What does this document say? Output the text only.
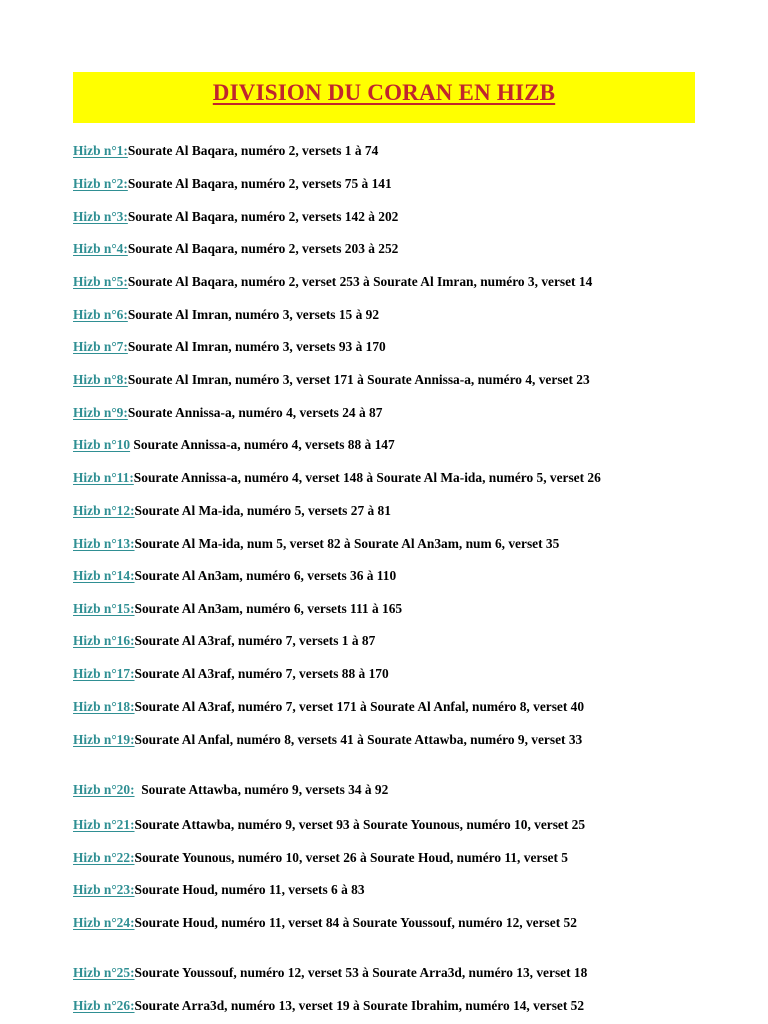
DIVISION DU CORAN EN HIZB
Hizb n°1:Sourate Al Baqara, numéro 2, versets 1 à 74
Hizb n°2:Sourate Al Baqara, numéro 2, versets 75 à 141
Hizb n°3:Sourate Al Baqara, numéro 2, versets 142 à 202
Hizb n°4:Sourate Al Baqara, numéro 2, versets 203 à 252
Hizb n°5:Sourate Al Baqara, numéro 2, verset 253 à Sourate Al Imran, numéro 3, verset 14
Hizb n°6:Sourate Al Imran, numéro 3, versets 15 à 92
Hizb n°7:Sourate Al Imran, numéro 3, versets 93 à 170
Hizb n°8:Sourate Al Imran, numéro 3, verset 171 à Sourate Annissa-a, numéro 4, verset 23
Hizb n°9:Sourate Annissa-a, numéro 4, versets 24 à 87
Hizb n°10 Sourate Annissa-a, numéro 4, versets 88 à 147
Hizb n°11:Sourate Annissa-a, numéro 4, verset 148 à Sourate Al Ma-ida, numéro 5, verset 26
Hizb n°12:Sourate Al Ma-ida, numéro 5, versets 27 à 81
Hizb n°13:Sourate Al Ma-ida, num 5, verset 82 à Sourate Al An3am, num 6, verset 35
Hizb n°14:Sourate Al An3am, numéro 6, versets 36 à 110
Hizb n°15:Sourate Al An3am, numéro 6, versets 111 à 165
Hizb n°16:Sourate Al A3raf, numéro 7, versets 1 à 87
Hizb n°17:Sourate Al A3raf, numéro 7, versets 88 à 170
Hizb n°18:Sourate Al A3raf, numéro 7, verset 171 à Sourate Al Anfal, numéro 8, verset 40
Hizb n°19:Sourate Al Anfal, numéro 8, versets 41 à Sourate Attawba, numéro 9, verset 33
Hizb n°20:  Sourate Attawba, numéro 9, versets 34 à 92
Hizb n°21:Sourate Attawba, numéro 9, verset 93 à Sourate Younous, numéro 10, verset 25
Hizb n°22:Sourate Younous, numéro 10, verset 26 à Sourate Houd, numéro 11, verset 5
Hizb n°23:Sourate Houd, numéro 11, versets 6 à 83
Hizb n°24:Sourate Houd, numéro 11, verset 84 à Sourate Youssouf, numéro 12, verset 52
Hizb n°25:Sourate Youssouf, numéro 12, verset 53 à Sourate Arra3d, numéro 13, verset 18
Hizb n°26:Sourate Arra3d, numéro 13, verset 19 à Sourate Ibrahim, numéro 14, verset 52
